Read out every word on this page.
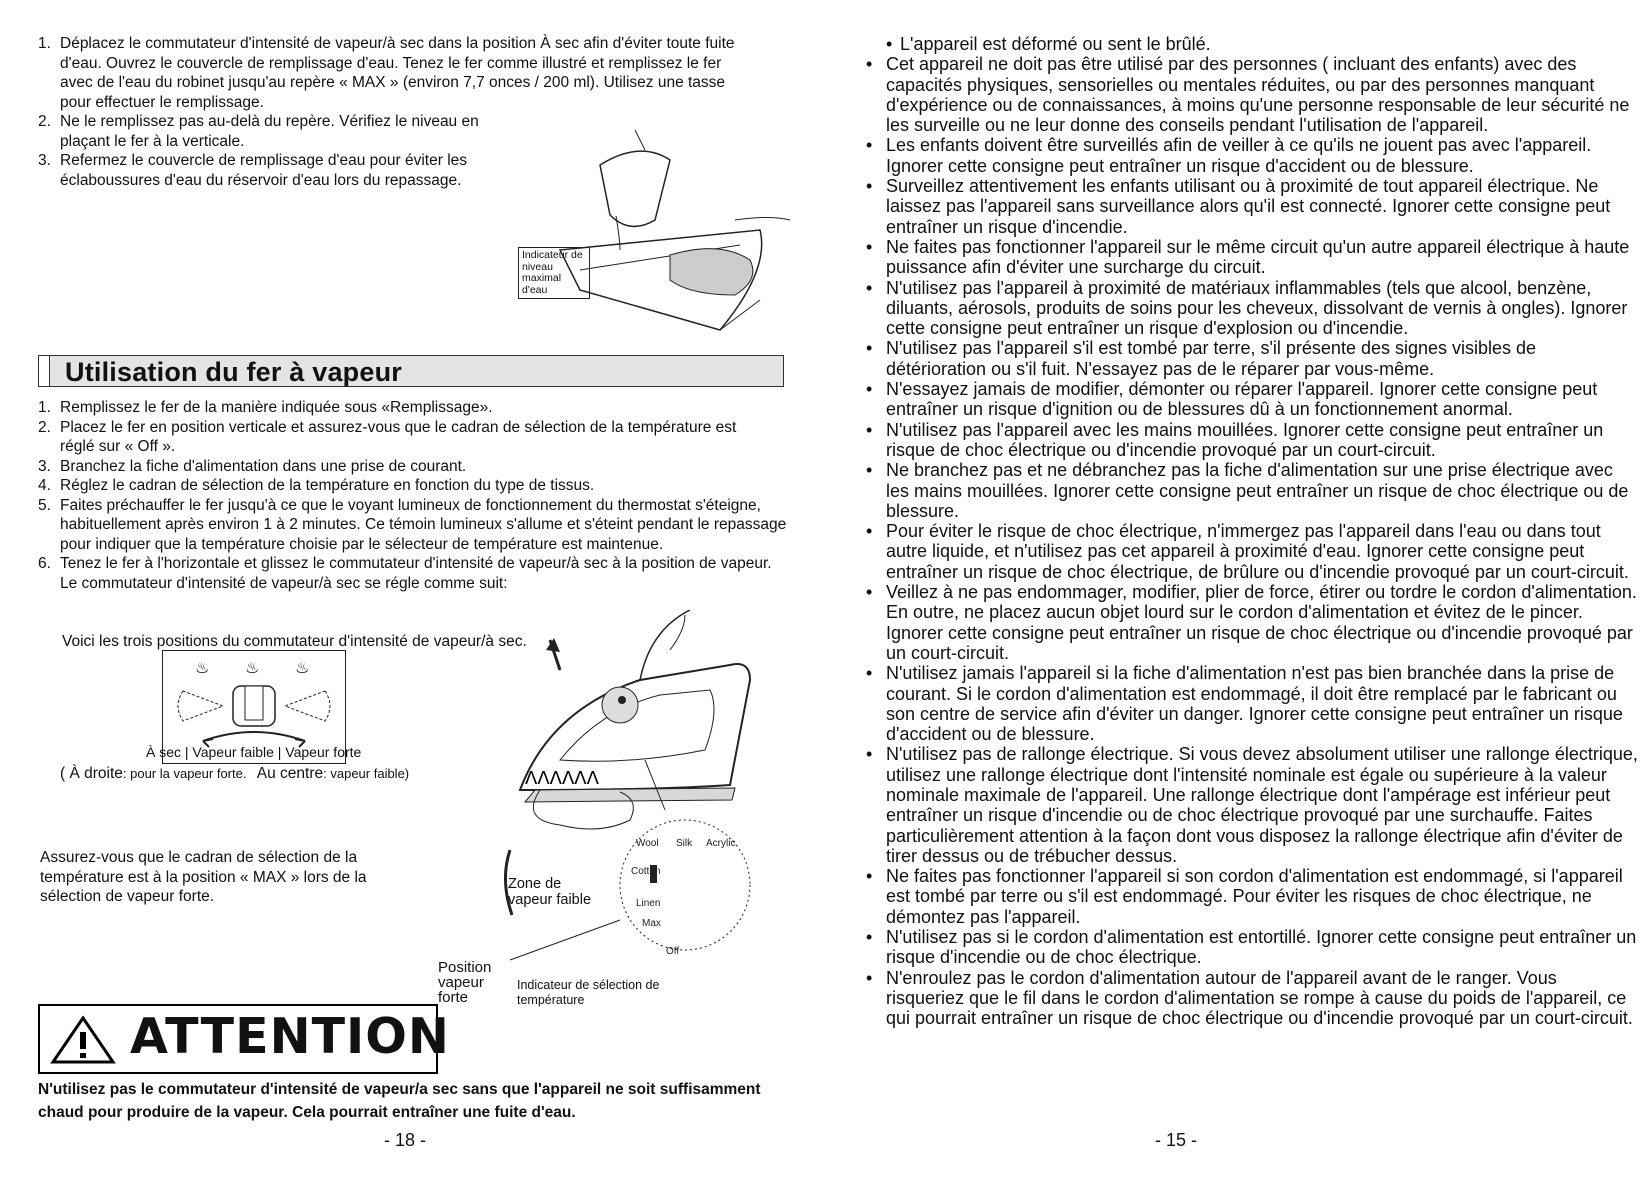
1. Déplacez le commutateur d'intensité de vapeur/à sec dans la position À sec afin d'éviter toute fuite d'eau. Ouvrez le couvercle de remplissage d'eau. Tenez le fer comme illustré et remplissez le fer avec de l'eau du robinet jusqu'au repère « MAX » (environ 7,7 onces / 200 ml). Utilisez une tasse pour effectuer le remplissage.
2. Ne le remplissez pas au-delà du repère. Vérifiez le niveau en plaçant le fer à la verticale.
3. Refermez le couvercle de remplissage d'eau pour éviter les éclaboussures d'eau du réservoir d'eau lors du repassage.
Indicateur de niveau maximal d'eau
Utilisation du fer à vapeur
1. Remplissez le fer de la manière indiquée sous «Remplissage».
2. Placez le fer en position verticale et assurez-vous que le cadran de sélection de la température est réglé sur « Off ».
3. Branchez la fiche d'alimentation dans une prise de courant.
4. Réglez le cadran de sélection de la température en fonction du type de tissus.
5. Faites préchauffer le fer jusqu'à ce que le voyant lumineux de fonctionnement du thermostat s'éteigne, habituellement après environ 1 à 2 minutes. Ce témoin lumineux s'allume et s'éteint pendant le repassage pour indiquer que la température choisie par le sélecteur de température est maintenue.
6. Tenez le fer à l'horizontale et glissez le commutateur d'intensité de vapeur/à sec à la position de vapeur. Le commutateur d'intensité de vapeur/à sec se régle comme suit:
Voici les trois positions du commutateur d'intensité de vapeur/à sec.
♨ ♨ ♨
À sec | Vapeur faible | Vapeur forte
( À droite: pour la vapeur forte. Au centre: vapeur faible)	ΛΛΛΛΛΛ
Assurez-vous que le cadran de sélection de la température est à la position « MAX » lors de la sélection de vapeur forte.
Zone de vapeur faible
Silk Acrylic
Wool
Cotton
Linen
Max
Off
Position vapeur forte
Indicateur de sélection de température
ATTENTION
N'utilisez pas le commutateur d'intensité de vapeur/a sec sans que l'appareil ne soit suffisamment chaud pour produire de la vapeur. Cela pourrait entraîner une fuite d'eau.
- 18 -
• L'appareil est déformé ou sent le brûlé.
• Cet appareil ne doit pas être utilisé par des personnes ( incluant des enfants) avec des capacités physiques, sensorielles ou mentales réduites, ou par des personnes manquant d'expérience ou de connaissances, à moins qu'une personne responsable de leur sécurité ne les surveille ou ne leur donne des conseils pendant l'utilisation de l'appareil.
• Les enfants doivent être surveillés afin de veiller à ce qu'ils ne jouent pas avec l'appareil. Ignorer cette consigne peut entraîner un risque d'accident ou de blessure.
• Surveillez attentivement les enfants utilisant ou à proximité de tout appareil électrique. Ne laissez pas l'appareil sans surveillance alors qu'il est connecté. Ignorer cette consigne peut entraîner un risque d'incendie.
• Ne faites pas fonctionner l'appareil sur le même circuit qu'un autre appareil électrique à haute puissance afin d'éviter une surcharge du circuit.
• N'utilisez pas l'appareil à proximité de matériaux inflammables (tels que alcool, benzène, diluants, aérosols, produits de soins pour les cheveux, dissolvant de vernis à ongles). Ignorer cette consigne peut entraîner un risque d'explosion ou d'incendie.
• N'utilisez pas l'appareil s'il est tombé par terre, s'il présente des signes visibles de détérioration ou s'il fuit. N'essayez pas de le réparer par vous-même.
• N'essayez jamais de modifier, démonter ou réparer l'appareil. Ignorer cette consigne peut entraîner un risque d'ignition ou de blessures dû à un fonctionnement anormal.
• N'utilisez pas l'appareil avec les mains mouillées. Ignorer cette consigne peut entraîner un risque de choc électrique ou d'incendie provoqué par un court-circuit.
• Ne branchez pas et ne débranchez pas la fiche d'alimentation sur une prise électrique avec les mains mouillées. Ignorer cette consigne peut entraîner un risque de choc électrique ou de blessure.
• Pour éviter le risque de choc électrique, n'immergez pas l'appareil dans l'eau ou dans tout autre liquide, et n'utilisez pas cet appareil à proximité d'eau. Ignorer cette consigne peut entraîner un risque de choc électrique, de brûlure ou d'incendie provoqué par un court-circuit.
• Veillez à ne pas endommager, modifier, plier de force, étirer ou tordre le cordon d'alimentation. En outre, ne placez aucun objet lourd sur le cordon d'alimentation et évitez de le pincer. Ignorer cette consigne peut entraîner un risque de choc électrique ou d'incendie provoqué par un court-circuit.
• N'utilisez jamais l'appareil si la fiche d'alimentation n'est pas bien branchée dans la prise de courant. Si le cordon d'alimentation est endommagé, il doit être remplacé par le fabricant ou son centre de service afin d'éviter un danger. Ignorer cette consigne peut entraîner un risque d'accident ou de blessure.
• N'utilisez pas de rallonge électrique. Si vous devez absolument utiliser une rallonge électrique, utilisez une rallonge électrique dont l'intensité nominale est égale ou supérieure à la valeur nominale maximale de l'appareil. Une rallonge électrique dont l'ampérage est inférieur peut entraîner un risque d'incendie ou de choc électrique provoqué par une surchauffe. Faites particulièrement attention à la façon dont vous disposez la rallonge électrique afin d'éviter de tirer dessus ou de trébucher dessus.
• Ne faites pas fonctionner l'appareil si son cordon d'alimentation est endommagé, si l'appareil est tombé par terre ou s'il est endommagé. Pour éviter les risques de choc électrique, ne démontez pas l'appareil.
• N'utilisez pas si le cordon d'alimentation est entortillé. Ignorer cette consigne peut entraîner un risque d'incendie ou de choc électrique.
• N'enroulez pas le cordon d'alimentation autour de l'appareil avant de le ranger. Vous risqueriez que le fil dans le cordon d'alimentation se rompe à cause du poids de l'appareil, ce qui pourrait entraîner un risque de choc électrique ou d'incendie provoqué par un court-circuit.
- 15 -
